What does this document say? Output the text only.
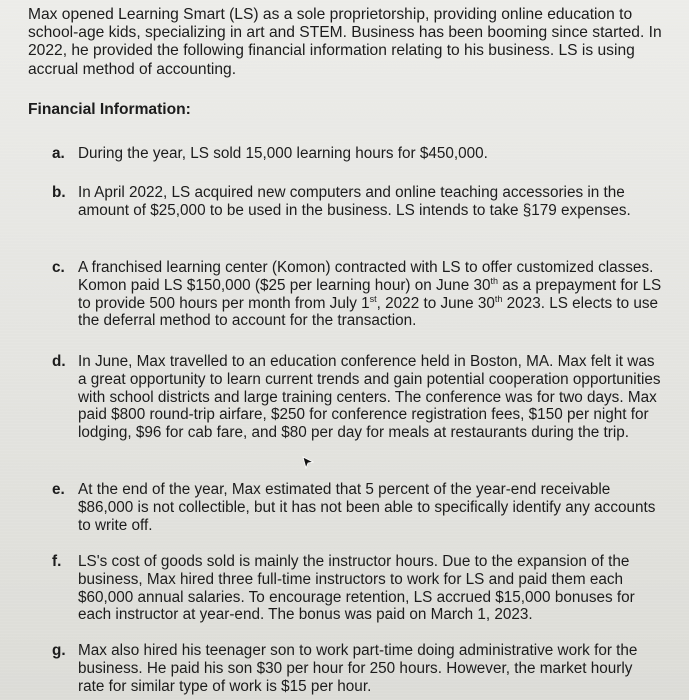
Max opened Learning Smart (LS) as a sole proprietorship, providing online education to school-age kids, specializing in art and STEM. Business has been booming since started. In 2022, he provided the following financial information relating to his business. LS is using accrual method of accounting.

Financial Information:

a. During the year, LS sold 15,000 learning hours for $450,000.
b. In April 2022, LS acquired new computers and online teaching accessories in the amount of $25,000 to be used in the business. LS intends to take §179 expenses.
c. A franchised learning center (Komon) contracted with LS to offer customized classes. Komon paid LS $150,000 ($25 per learning hour) on June 30th as a prepayment for LS to provide 500 hours per month from July 1st, 2022 to June 30th 2023. LS elects to use the deferral method to account for the transaction.
d. In June, Max travelled to an education conference held in Boston, MA. Max felt it was a great opportunity to learn current trends and gain potential cooperation opportunities with school districts and large training centers. The conference was for two days. Max paid $800 round-trip airfare, $250 for conference registration fees, $150 per night for lodging, $96 for cab fare, and $80 per day for meals at restaurants during the trip.
e. At the end of the year, Max estimated that 5 percent of the year-end receivable $86,000 is not collectible, but it has not been able to specifically identify any accounts to write off.
f.	LS's cost of goods sold is mainly the instructor hours. Due to the expansion of the business, Max hired three full-time instructors to work for LS and paid them each $60,000 annual salaries. To encourage retention, LS accrued $15,000 bonuses for each instructor at year-end. The bonus was paid on March 1, 2023.
g. Max also hired his teenager son to work part-time doing administrative work for the business. He paid his son $30 per hour for 250 hours. However, the market hourly rate for similar type of work is $15 per hour.
